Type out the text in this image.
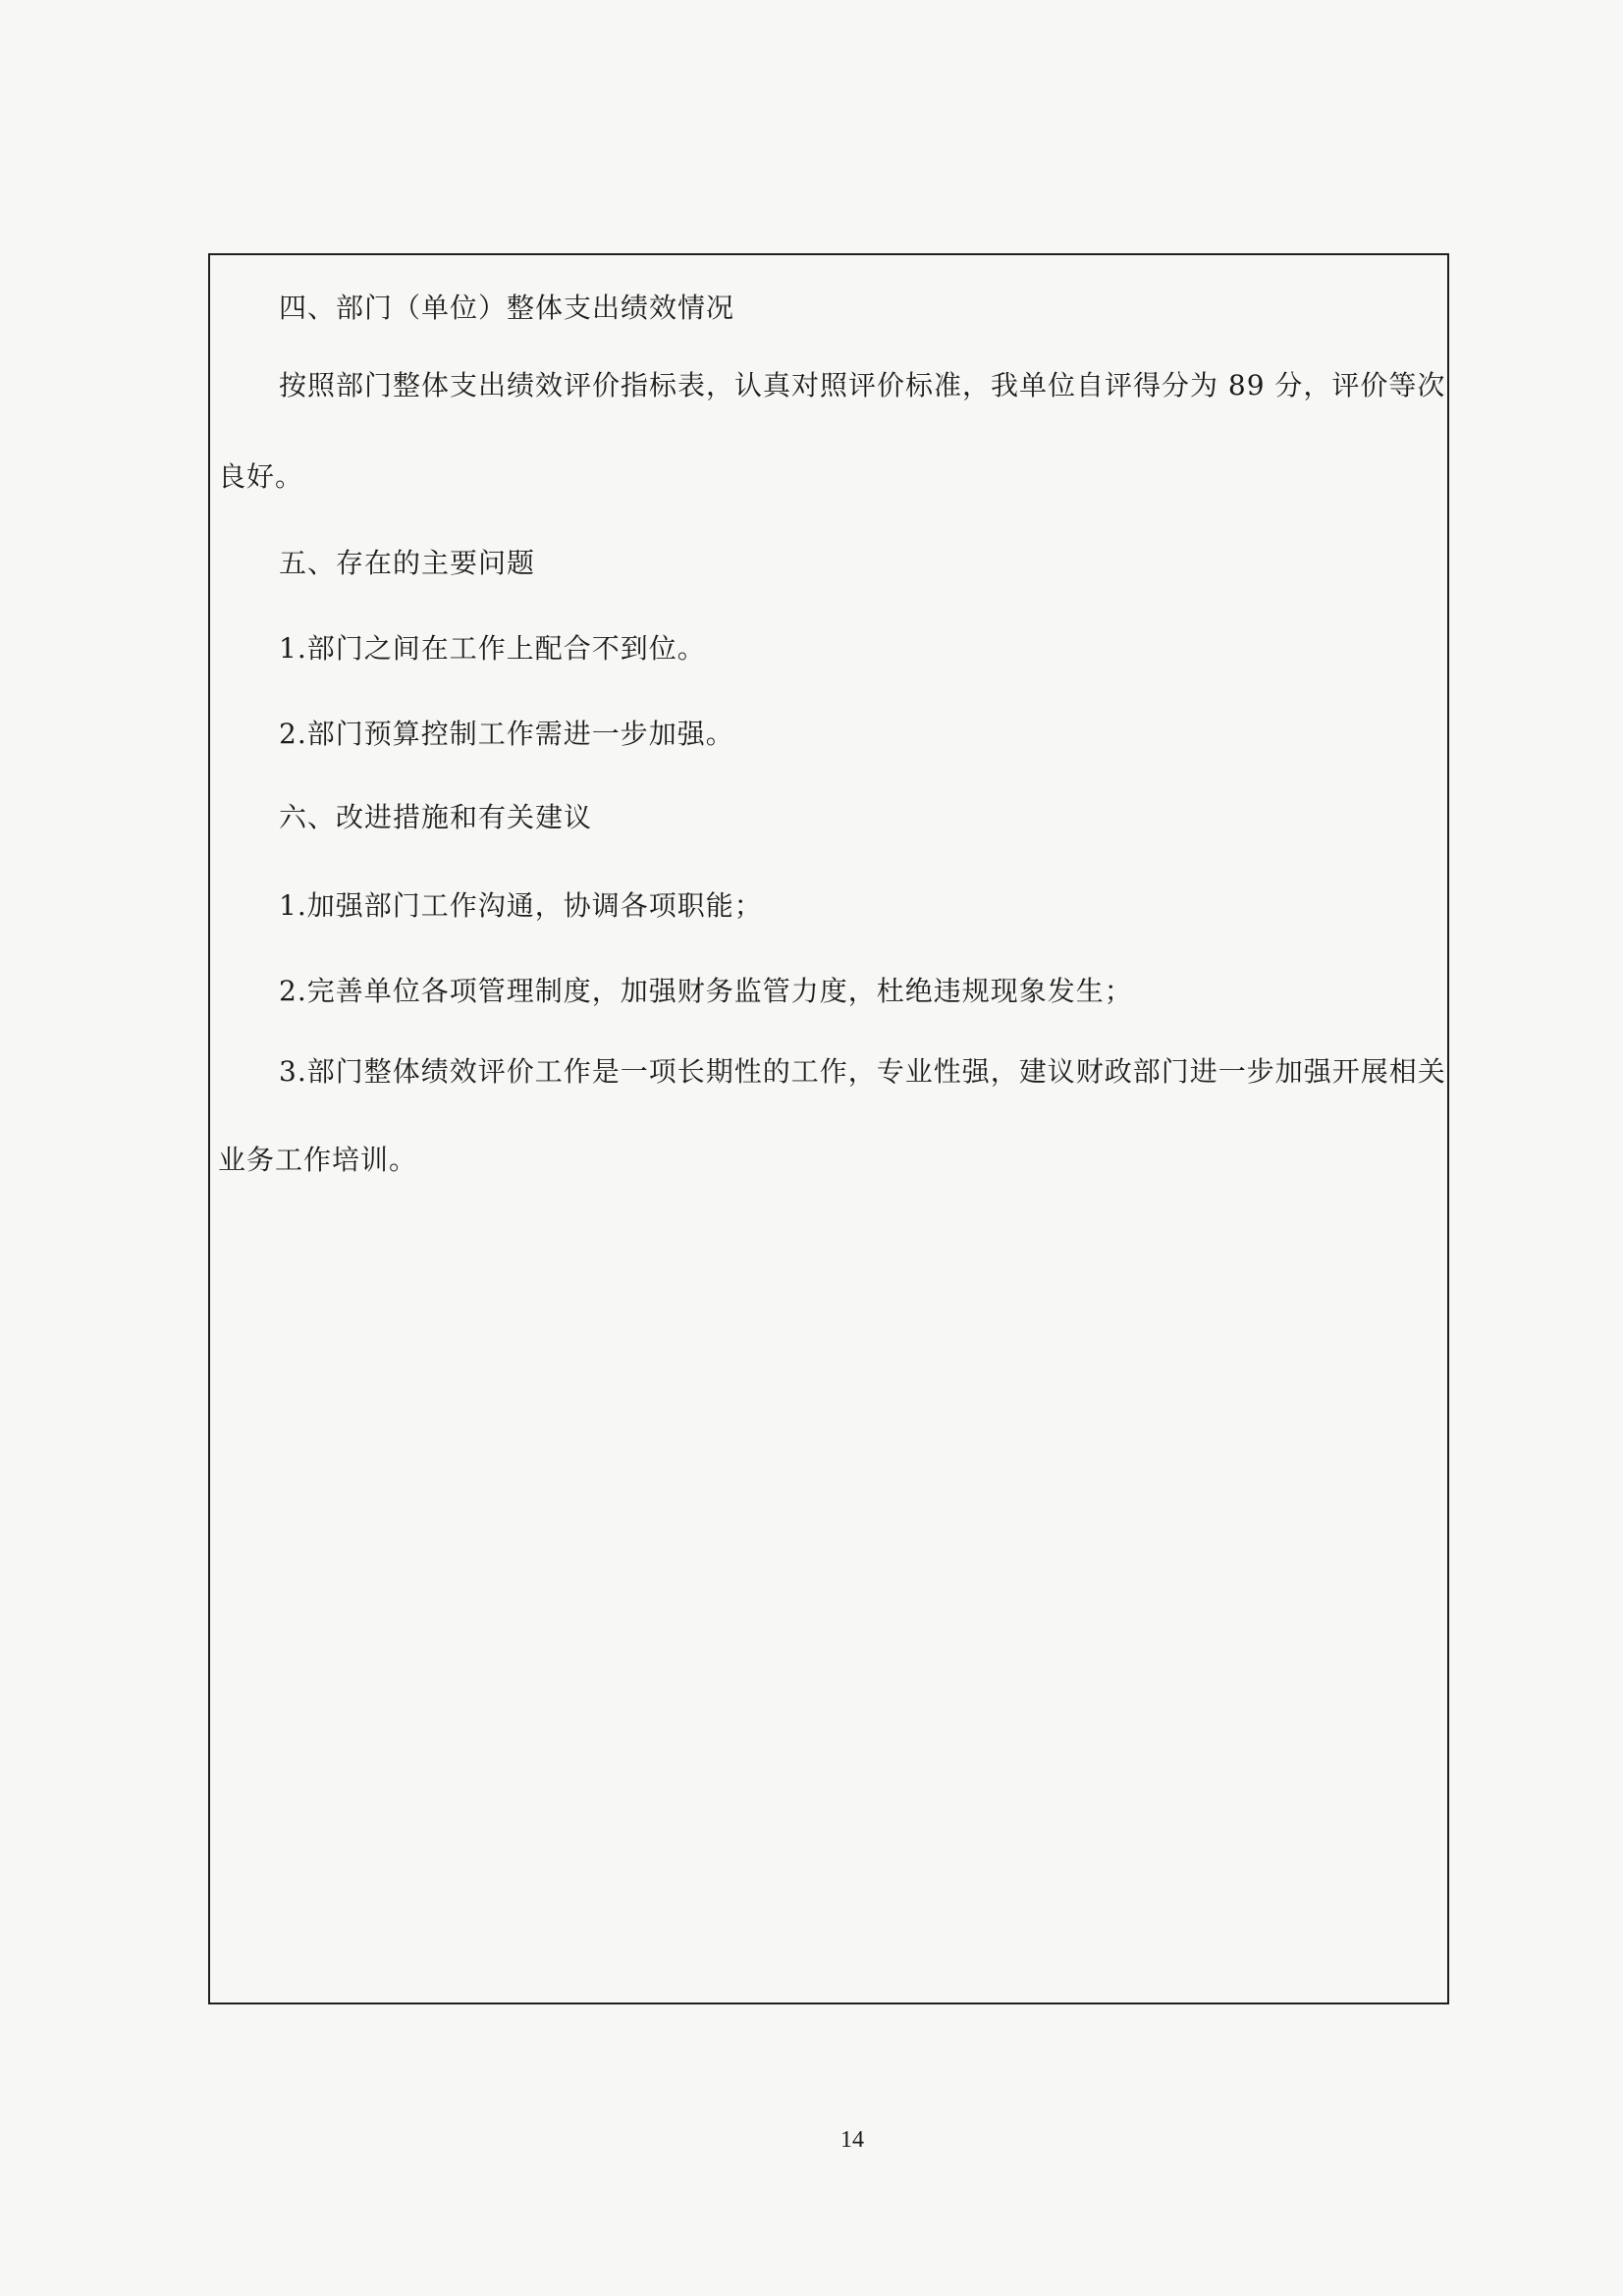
四、部门（单位）整体支出绩效情况
按照部门整体支出绩效评价指标表，认真对照评价标准，我单位自评得分为 89 分，评价等次
良好。
五、存在的主要问题
1.部门之间在工作上配合不到位。
2.部门预算控制工作需进一步加强。
六、改进措施和有关建议
1.加强部门工作沟通，协调各项职能；
2.完善单位各项管理制度，加强财务监管力度，杜绝违规现象发生；
3.部门整体绩效评价工作是一项长期性的工作，专业性强，建议财政部门进一步加强开展相关
业务工作培训。
14
